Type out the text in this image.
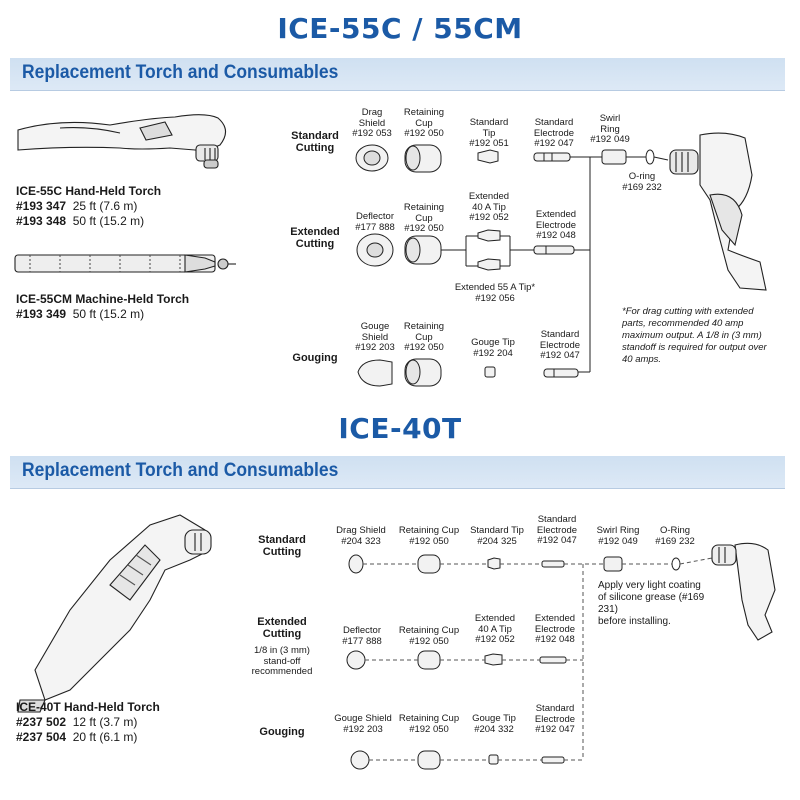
ICE-55C / 55CM
Replacement Torch and Consumables
ICE-55C Hand-Held Torch
#193 347 25 ft (7.6 m)
#193 348 50 ft (15.2 m)
ICE-55CM Machine-Held Torch
#193 349 50 ft (15.2 m)
Standard
Cutting
Extended
Cutting
Gouging
Drag
Shield
#192 053
Retaining
Cup
#192 050
Standard
Tip
#192 051
Standard
Electrode
#192 047
Swirl
Ring
#192 049
O-ring
#169 232
Deflector
#177 888
Retaining
Cup
#192 050
Extended
40 A Tip
#192 052	Extended
Electrode
#192 048
Extended 55 A Tip*
#192 056
Gouge
Shield
#192 203
Retaining
Cup
#192 050	Gouge Tip
#192 204
Standard
Electrode
#192 047
*For drag cutting with extended
parts, recommended 40 amp
maximum output. A 1/8 in (3 mm)
standoff is required for output over
40 amps.
ICE-40T
Replacement Torch and Consumables
ICE-40T Hand-Held Torch
#237 502 12 ft (3.7 m)
#237 504 20 ft (6.1 m)
Standard
Cutting
Extended
Cutting
1/8 in (3 mm)
stand-off
recommended
Gouging
Drag Shield
#204 323
Retaining Cup
#192 050
Standard Tip
#204 325
Standard
Electrode
#192 047
Swirl Ring
#192 049
O-Ring
#169 232
Deflector
#177 888
Retaining Cup
#192 050
Extended
40 A Tip
#192 052
Extended
Electrode
#192 048
Gouge Shield
#192 203
Retaining Cup
#192 050
Gouge Tip
#204 332
Standard
Electrode
#192 047
Apply very light coating
of silicone grease (#169 231)
before installing.
